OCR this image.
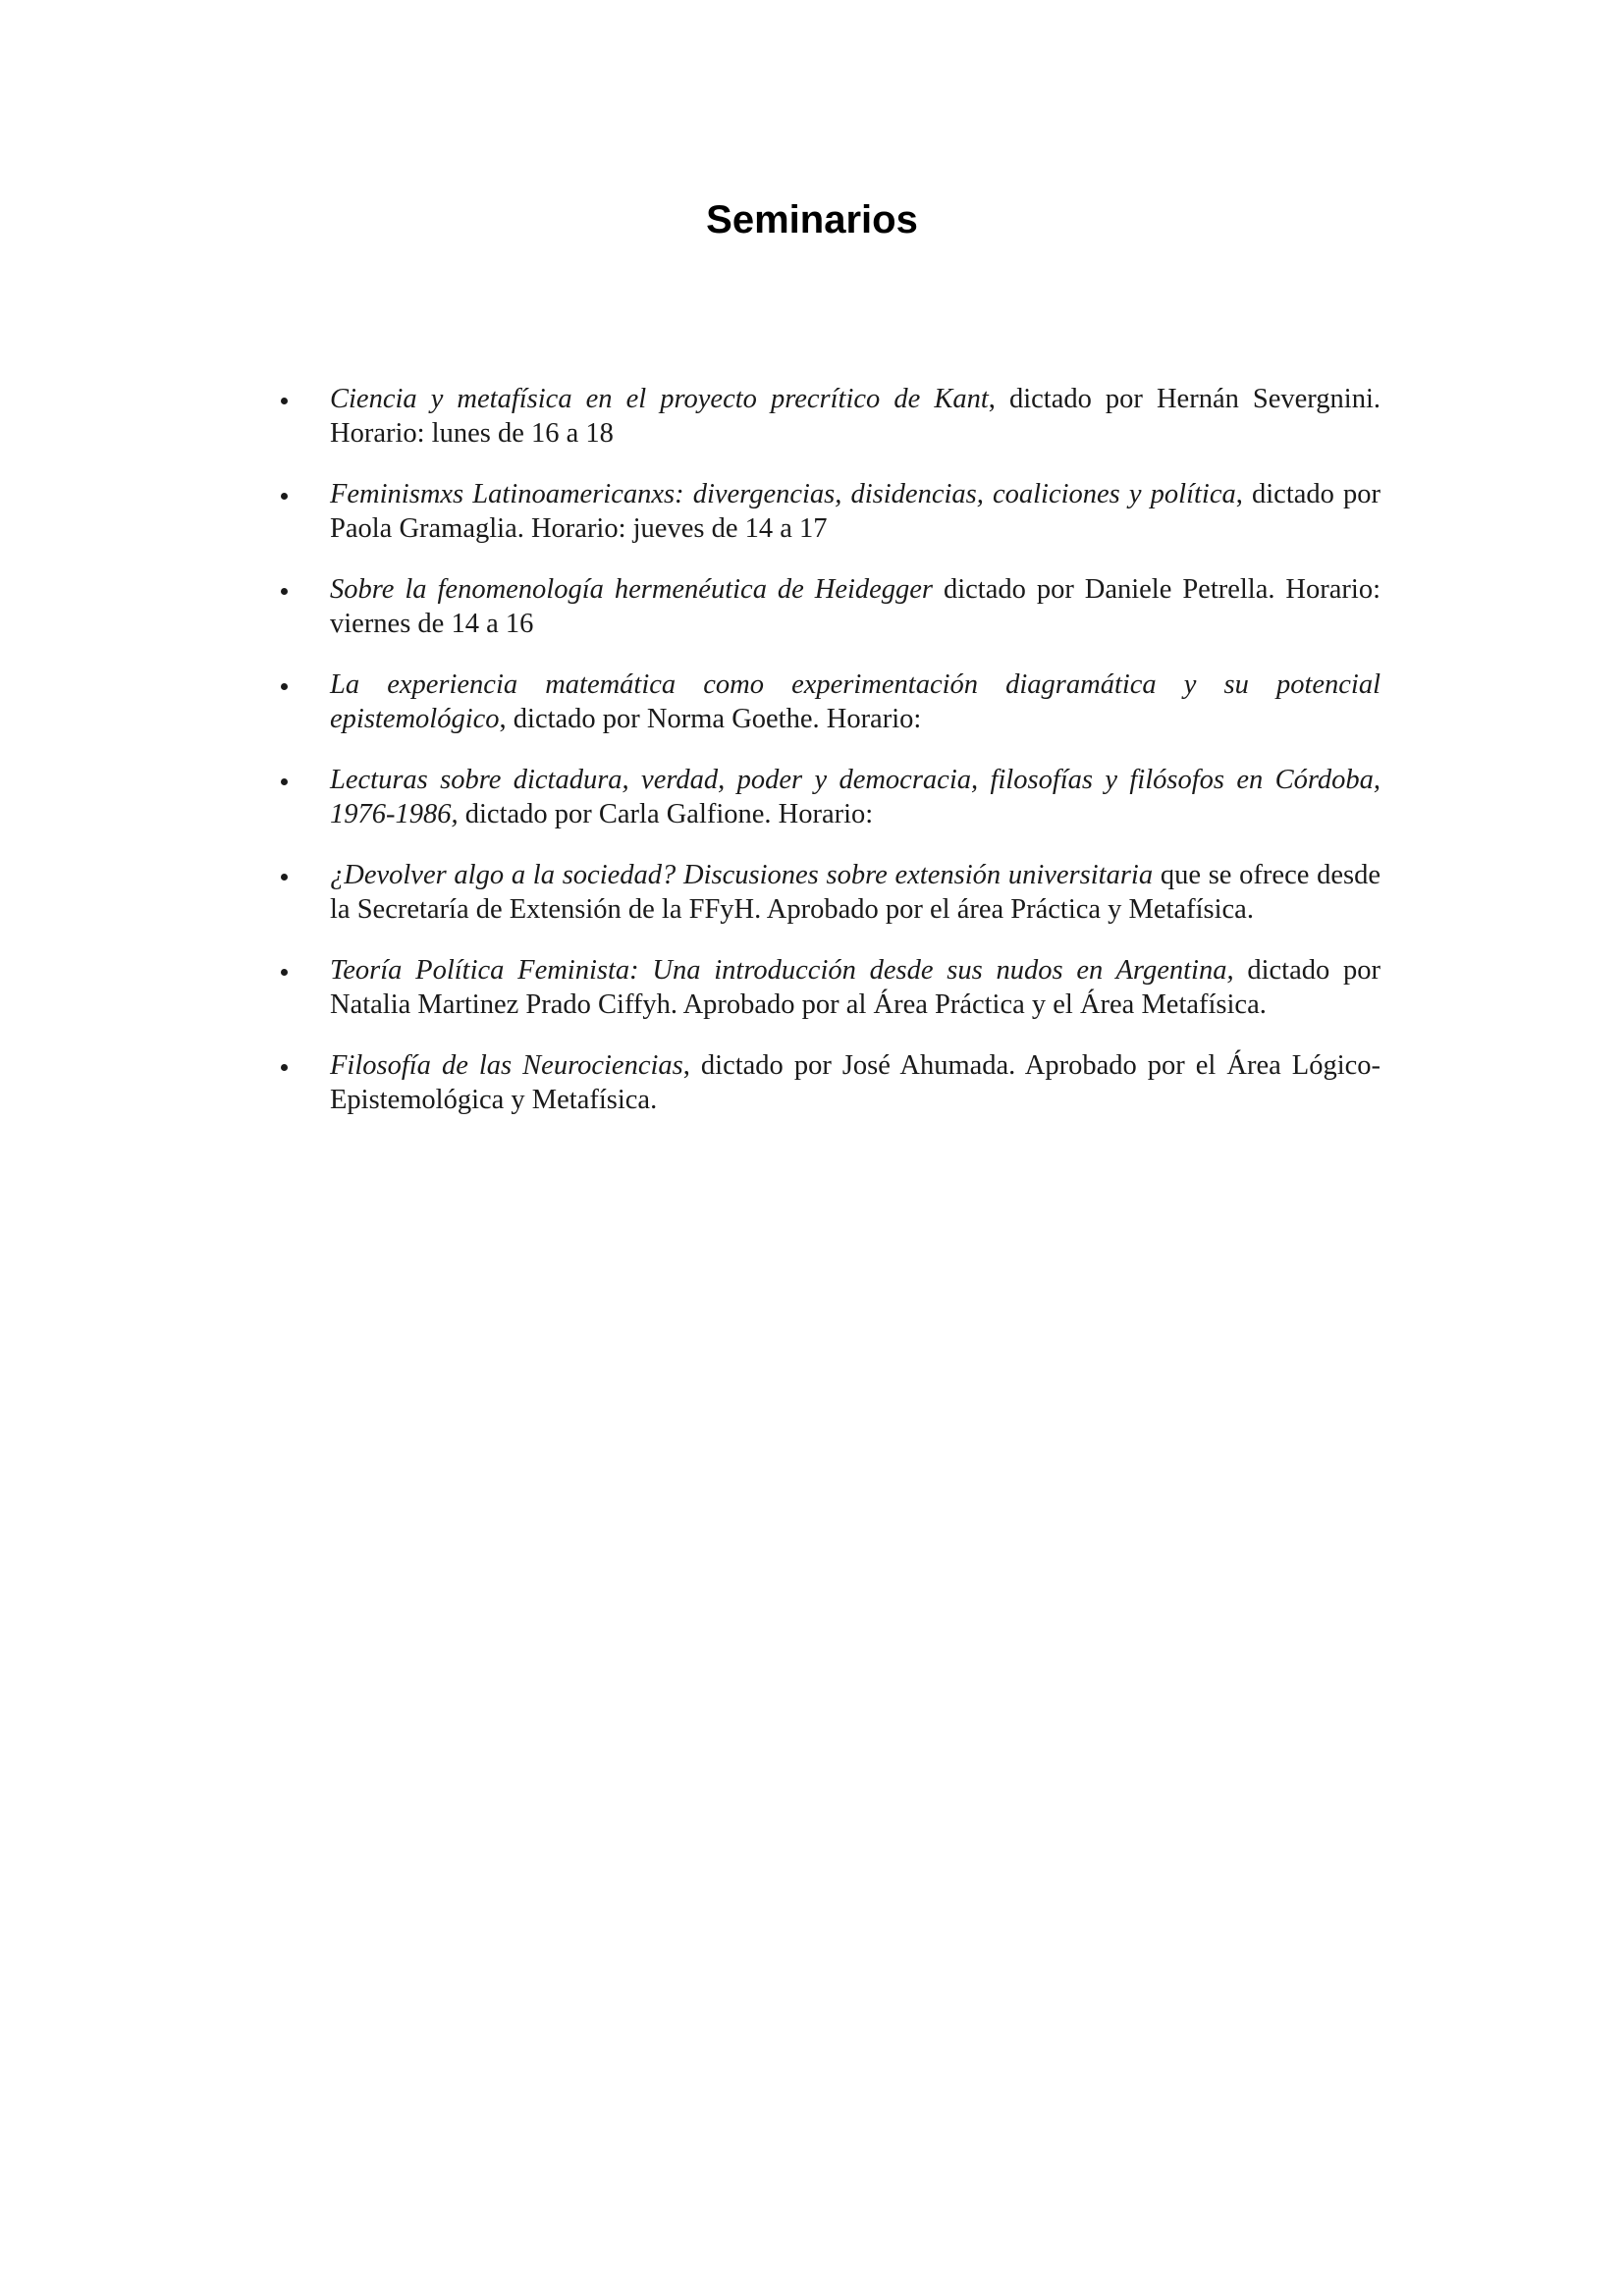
Seminarios
Ciencia y metafísica en el proyecto precrítico de Kant, dictado por Hernán Severgnini. Horario: lunes de 16 a 18
Feminismxs Latinoamericanxs: divergencias, disidencias, coaliciones y política, dictado por Paola Gramaglia. Horario: jueves de 14 a 17
Sobre la fenomenología hermenéutica de Heidegger dictado por Daniele Petrella. Horario: viernes de 14 a 16
La experiencia matemática como experimentación diagramática y su potencial epistemológico, dictado por Norma Goethe. Horario:
Lecturas sobre dictadura, verdad, poder y democracia, filosofías y filósofos en Córdoba, 1976-1986, dictado por Carla Galfione. Horario:
¿Devolver algo a la sociedad? Discusiones sobre extensión universitaria que se ofrece desde la Secretaría de Extensión de la FFyH. Aprobado por el área Práctica y Metafísica.
Teoría Política Feminista: Una introducción desde sus nudos en Argentina, dictado por Natalia Martinez Prado Ciffyh. Aprobado por al Área Práctica y el Área Metafísica.
Filosofía de las Neurociencias, dictado por José Ahumada. Aprobado por el Área Lógico-Epistemológica y Metafísica.
